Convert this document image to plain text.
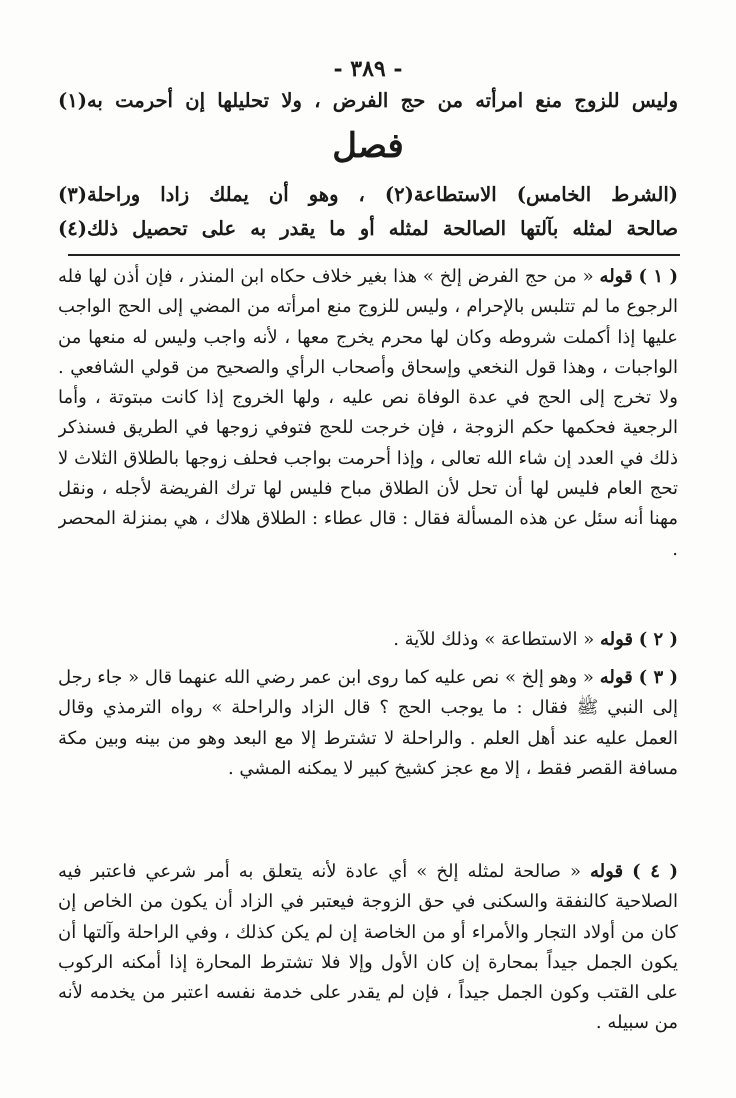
- ٣٨٩ -
وليس للزوج منع امرأته من حج الفرض ، ولا تحليلها إن أحرمت به(١)
فصل
(الشرط الخامس) الاستطاعة(٢) ، وهو أن يملك زادا وراحلة(٣)
صالحة لمثله بآلتها الصالحة لمثله أو ما يقدر به على تحصيل ذلك(٤)

( ١ ) قوله « من حج الفرض إلخ » هذا بغير خلاف حكاه ابن المنذر ، فإن أذن لها فله الرجوع ما لم تتلبس بالإحرام ، وليس للزوج منع امرأته من المضي إلى الحج الواجب عليها إذا أكملت شروطه وكان لها محرم يخرج معها ، لأنه واجب وليس له منعها من الواجبات ، وهذا قول النخعي وإسحاق وأصحاب الرأي والصحيح من قولي الشافعي . ولا تخرج إلى الحج في عدة الوفاة نص عليه ، ولها الخروج إذا كانت مبتوتة ، وأما الرجعية فحكمها حكم الزوجة ، فإن خرجت للحج فتوفي زوجها في الطريق فسنذكر ذلك في العدد إن شاء الله تعالى ، وإذا أحرمت بواجب فحلف زوجها بالطلاق الثلاث لا تحج العام فليس لها أن تحل لأن الطلاق مباح فليس لها ترك الفريضة لأجله ، ونقل مهنا أنه سئل عن هذه المسألة فقال : قال عطاء : الطلاق هلاك ، هي بمنزلة المحصر .

( ٢ ) قوله « الاستطاعة » وذلك للآية .

( ٣ ) قوله « وهو إلخ » نص عليه كما روى ابن عمر رضي الله عنهما قال « جاء رجل إلى النبي ﷺ فقال : ما يوجب الحج ؟ قال الزاد والراحلة » رواه الترمذي وقال العمل عليه عند أهل العلم . والراحلة لا تشترط إلا مع البعد وهو من بينه وبين مكة مسافة القصر فقط ، إلا مع عجز كشيخ كبير لا يمكنه المشي .

( ٤ ) قوله « صالحة لمثله إلخ » أي عادة لأنه يتعلق به أمر شرعي فاعتبر فيه الصلاحية كالنفقة والسكنى في حق الزوجة فيعتبر في الزاد أن يكون من الخاص إن كان من أولاد التجار والأمراء أو من الخاصة إن لم يكن كذلك ، وفي الراحلة وآلتها أن يكون الجمل جيداً بمحارة إن كان الأول وإلا فلا تشترط المحارة إذا أمكنه الركوب على القتب وكون الجمل جيداً ، فإن لم يقدر على خدمة نفسه اعتبر من يخدمه لأنه من سبيله .
